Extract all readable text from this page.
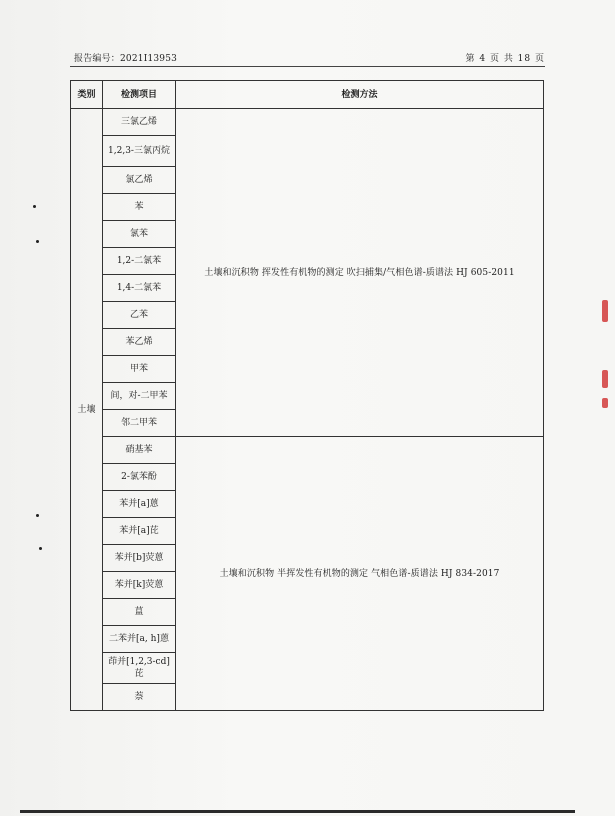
报告编号：2021I13953	第 4 页 共 18 页
类别	检测项目	检测方法
土壤	三氯乙烯	土壤和沉积物 挥发性有机物的测定 吹扫捕集/气相色谱-质谱法 HJ 605-2011
	1,2,3-三氯丙烷	
	氯乙烯	
	苯	
	氯苯	
	1,2-二氯苯	
	1,4-二氯苯	
	乙苯	
	苯乙烯	
	甲苯	
	间，对-二甲苯	
	邻二甲苯	
	硝基苯	土壤和沉积物 半挥发性有机物的测定 气相色谱-质谱法 HJ 834-2017
	2-氯苯酚	
	苯并[a]蒽	
	苯并[a]芘	
	苯并[b]荧蒽	
	苯并[k]荧蒽	
	蒀	
	二苯并[a, h]蒽	
	茚并[1,2,3-cd]芘	
	萘	
